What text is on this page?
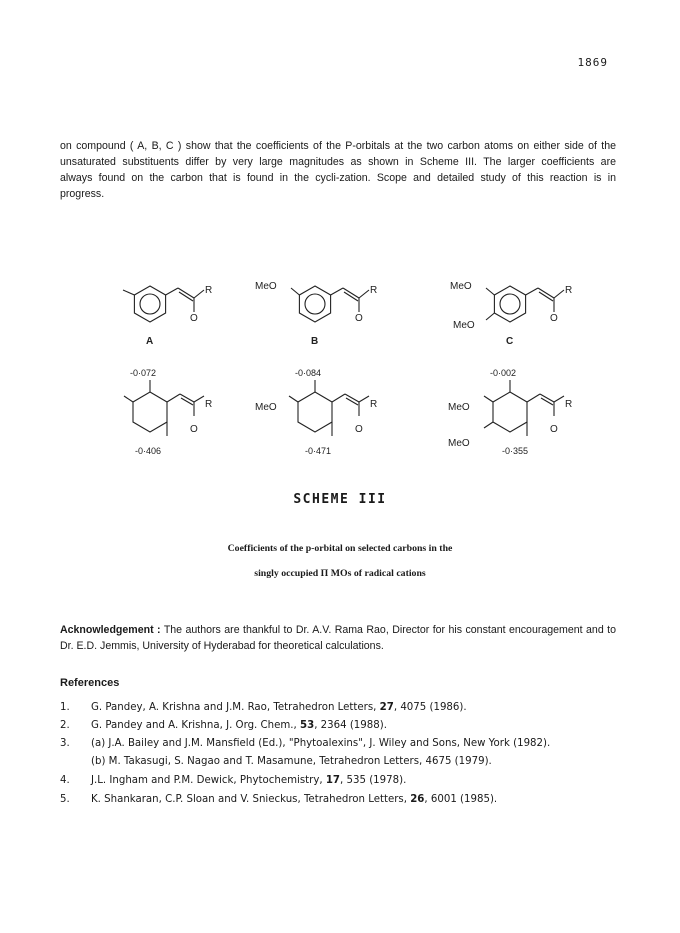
1869

on compound ( A, B, C ) show that the coefficients of the P-orbitals at the two carbon atoms on either side of the unsaturated substituents differ by very large magnitudes as shown in Scheme III. The larger coefficients are always found on the carbon that is found in the cycli-zation. Scope and detailed study of this reaction is in progress.

R
O
A
MeO	R
O
B
MeO
MeO
R
O
C
-0·072
-0·406
-0·084
-0·471
-0·002
-0·355
R
O
MeO	R
O
MeO
MeO
R
O
SCHEME III
Coefficients of the p-orbital on selected carbons in the
singly occupied Π MOs of radical cations

Acknowledgement : The authors are thankful to Dr. A.V. Rama Rao, Director for his constant encouragement and to Dr. E.D. Jemmis, University of Hyderabad for theoretical calculations.

References
1. G. Pandey, A. Krishna and J.M. Rao, Tetrahedron Letters, 27, 4075 (1986).
2. G. Pandey and A. Krishna, J. Org. Chem., 53, 2364 (1988).
3. (a) J.A. Bailey and J.M. Mansfield (Ed.), "Phytoalexins", J. Wiley and Sons, New York (1982).
(b) M. Takasugi, S. Nagao and T. Masamune, Tetrahedron Letters, 4675 (1979).
4. J.L. Ingham and P.M. Dewick, Phytochemistry, 17, 535 (1978).
5. K. Shankaran, C.P. Sloan and V. Snieckus, Tetrahedron Letters, 26, 6001 (1985).
